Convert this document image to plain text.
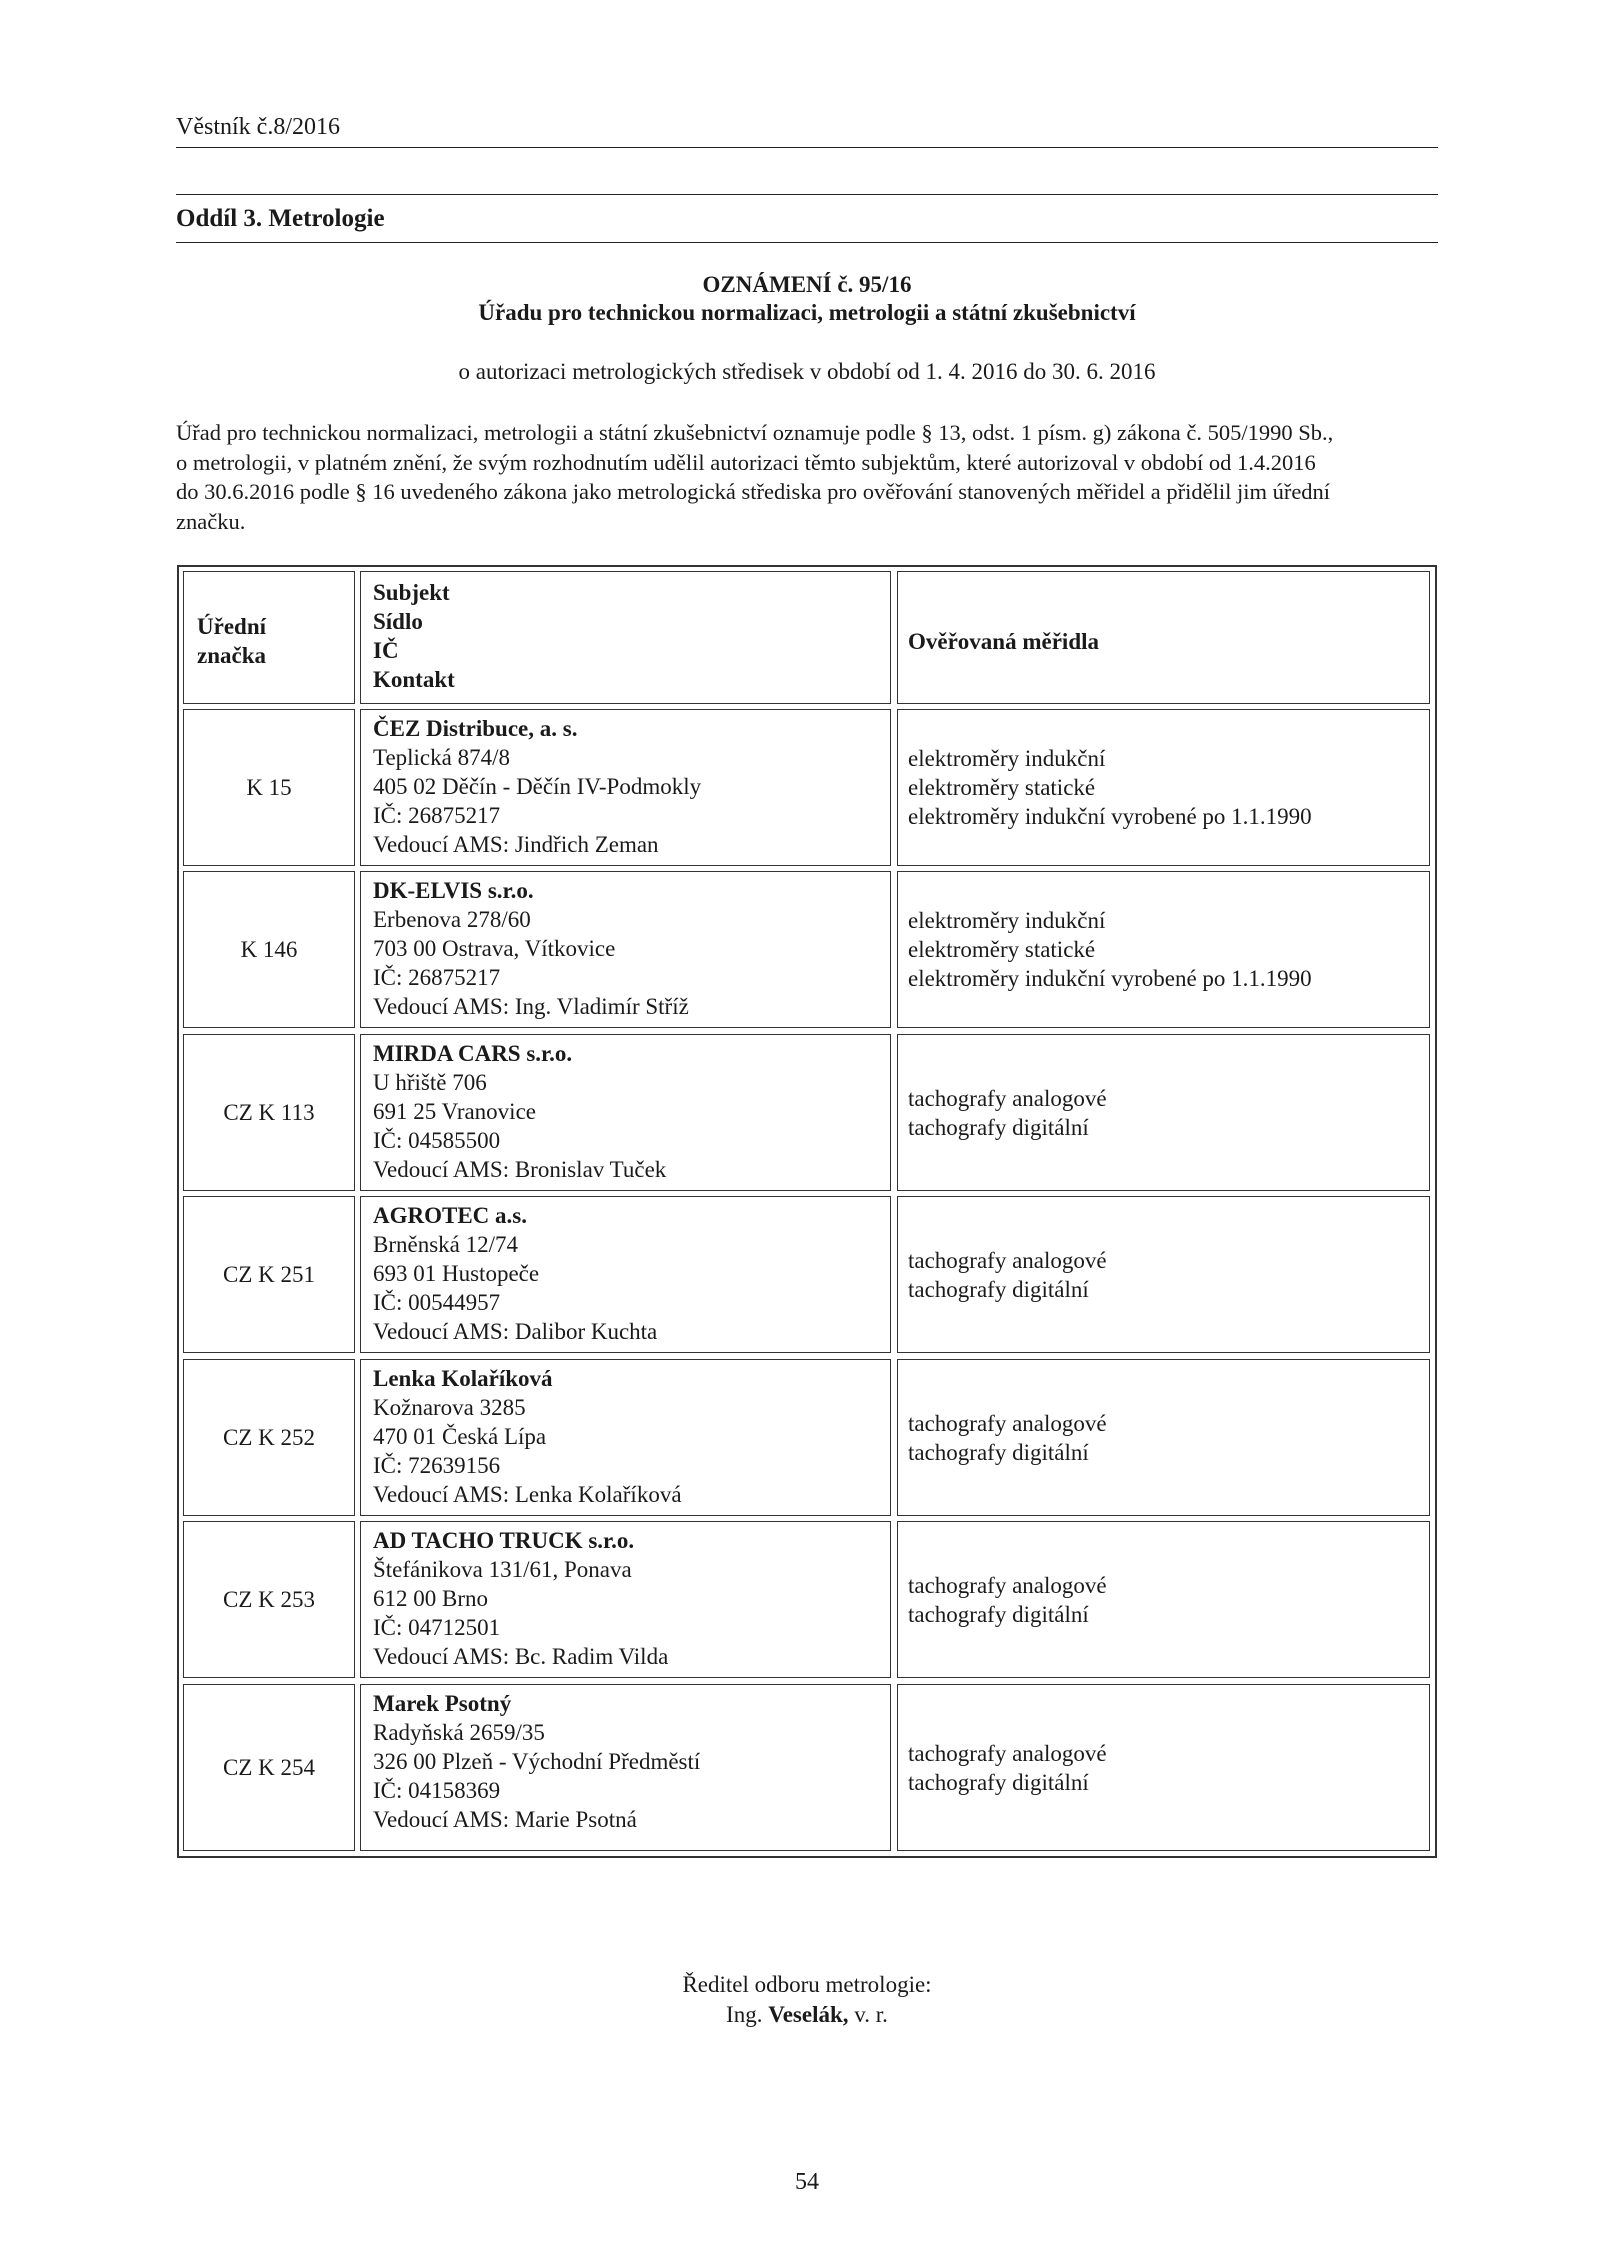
Věstník č.8/2016
Oddíl 3. Metrologie
OZNÁMENÍ č. 95/16
Úřadu pro technickou normalizaci, metrologii a státní zkušebnictví
o autorizaci metrologických středisek v období od 1. 4. 2016 do 30. 6. 2016
Úřad pro technickou normalizaci, metrologii a státní zkušebnictví oznamuje podle § 13, odst. 1 písm. g) zákona č. 505/1990 Sb.,
o metrologii, v platném znění, že svým rozhodnutím udělil autorizaci těmto subjektům, které autorizoval v období od 1.4.2016
do 30.6.2016 podle § 16 uvedeného zákona jako metrologická střediska pro ověřování stanovených měřidel a přidělil jim úřední
značku.
Úřední
značka
Subjekt
Sídlo
IČ
Kontakt
Ověřovaná měřidla
K 15
ČEZ Distribuce, a. s.
Teplická 874/8
405 02 Děčín - Děčín IV-Podmokly
IČ: 26875217
Vedoucí AMS: Jindřich Zeman
elektroměry indukční
elektroměry statické
elektroměry indukční vyrobené po 1.1.1990
K 146
DK-ELVIS s.r.o.
Erbenova 278/60
703 00 Ostrava, Vítkovice
IČ: 26875217
Vedoucí AMS: Ing. Vladimír Stříž
elektroměry indukční
elektroměry statické
elektroměry indukční vyrobené po 1.1.1990
CZ K 113
MIRDA CARS s.r.o.
U hřiště 706
691 25 Vranovice
IČ: 04585500
Vedoucí AMS: Bronislav Tuček
tachografy analogové
tachografy digitální
CZ K 251
AGROTEC a.s.
Brněnská 12/74
693 01 Hustopeče
IČ: 00544957
Vedoucí AMS: Dalibor Kuchta
tachografy analogové
tachografy digitální
CZ K 252
Lenka Kolaříková
Kožnarova 3285
470 01 Česká Lípa
IČ: 72639156
Vedoucí AMS: Lenka Kolaříková
tachografy analogové
tachografy digitální
CZ K 253
AD TACHO TRUCK s.r.o.
Štefánikova 131/61, Ponava
612 00 Brno
IČ: 04712501
Vedoucí AMS: Bc. Radim Vilda
tachografy analogové
tachografy digitální
CZ K 254
Marek Psotný
Radyňská 2659/35
326 00 Plzeň - Východní Předměstí
IČ: 04158369
Vedoucí AMS: Marie Psotná
tachografy analogové
tachografy digitální
Ředitel odboru metrologie:
Ing. Veselák, v. r.
54
